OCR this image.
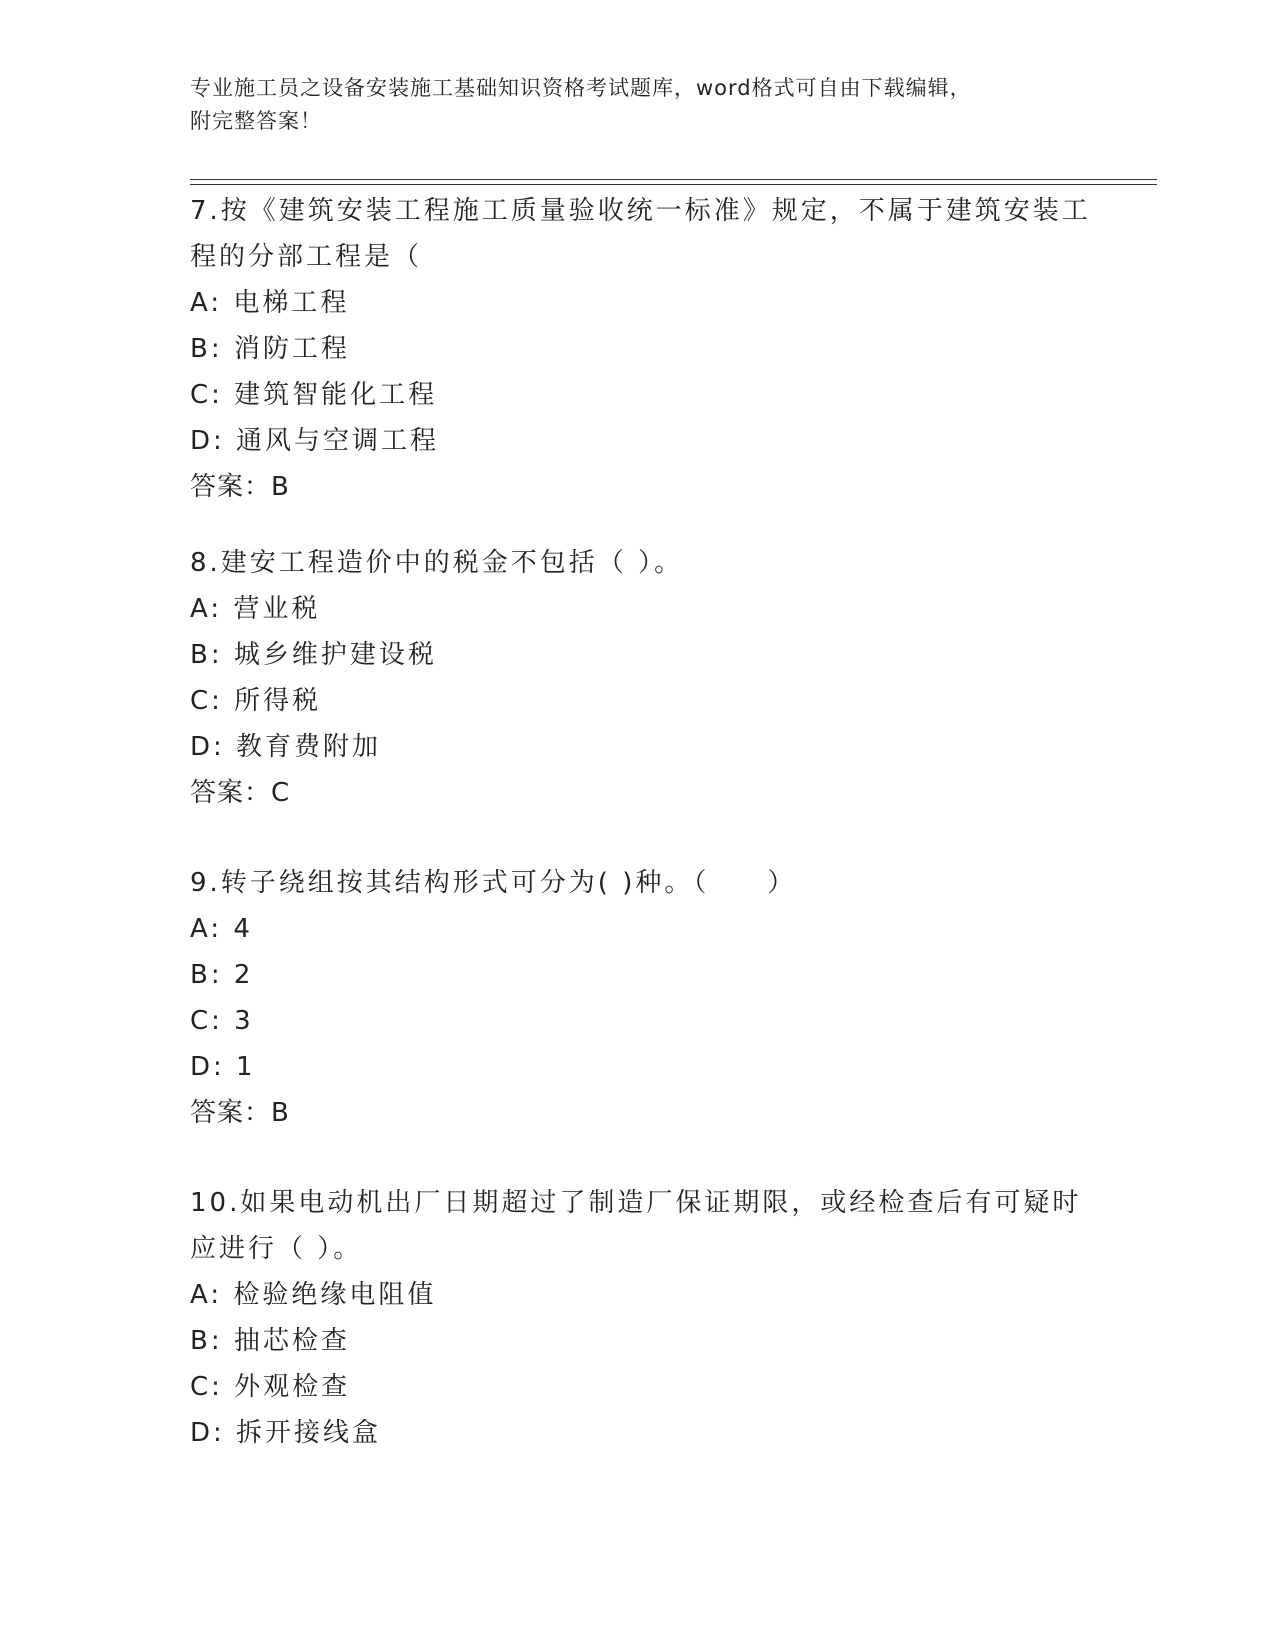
专业施工员之设备安装施工基础知识资格考试题库，word格式可自由下载编辑，
附完整答案！

7.按《建筑安装工程施工质量验收统一标准》规定，不属于建筑安装工程的分部工程是（

A: 电梯工程

B: 消防工程

C: 建筑智能化工程

D: 通风与空调工程

答案：B

8.建安工程造价中的税金不包括（ ）。

A: 营业税

B: 城乡维护建设税

C: 所得税

D: 教育费附加

答案：C

9.转子绕组按其结构形式可分为( )种。（　　）

A: 4

B: 2

C: 3

D: 1

答案：B

10.如果电动机出厂日期超过了制造厂保证期限，或经检查后有可疑时应进行（ ）。

A: 检验绝缘电阻值

B: 抽芯检查

C: 外观检查

D: 拆开接线盒
